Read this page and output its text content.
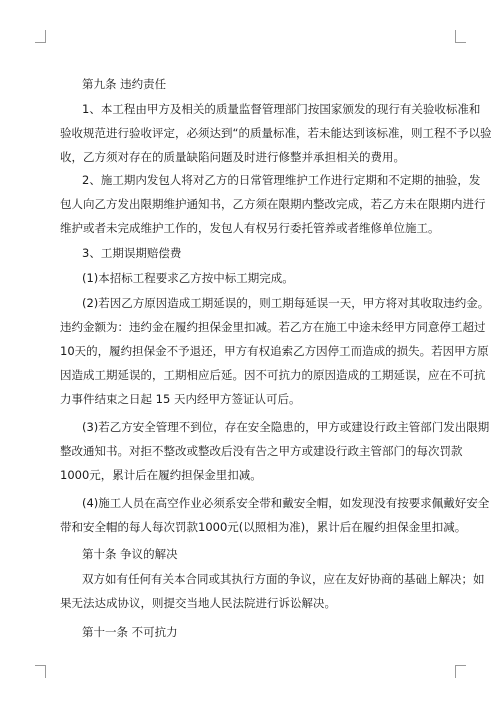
第九条 违约责任
1、本工程由甲方及相关的质量监督管理部门按国家颁发的现行有关验收标准和
验收规范进行验收评定，必须达到“的质量标准，若未能达到该标准，则工程不予以验
收，乙方须对存在的质量缺陷问题及时进行修整并承担相关的费用。
2、施工期内发包人将对乙方的日常管理维护工作进行定期和不定期的抽验，发
包人向乙方发出限期维护通知书，乙方须在限期内整改完成，若乙方未在限期内进行
维护或者未完成维护工作的，发包人有权另行委托管养或者维修单位施工。
3、工期误期赔偿费
(1)本招标工程要求乙方按中标工期完成。
(2)若因乙方原因造成工期延误的，则工期每延误一天，甲方将对其收取违约金。
违约金额为：违约金在履约担保金里扣减。若乙方在施工中途未经甲方同意停工超过
10天的，履约担保金不予退还，甲方有权追索乙方因停工而造成的损失。若因甲方原
因造成工期延误的，工期相应后延。因不可抗力的原因造成的工期延误，应在不可抗
力事件结束之日起 15 天内经甲方签证认可后。
(3)若乙方安全管理不到位，存在安全隐患的，甲方或建设行政主管部门发出限期
整改通知书。对拒不整改或整改后没有告之甲方或建设行政主管部门的每次罚款
1000元，累计后在履约担保金里扣减。
(4)施工人员在高空作业必须系安全带和戴安全帽，如发现没有按要求佩戴好安全
带和安全帽的每人每次罚款1000元(以照相为准)，累计后在履约担保金里扣减。
第十条 争议的解决
双方如有任何有关本合同或其执行方面的争议，应在友好协商的基础上解决；如
果无法达成协议，则提交当地人民法院进行诉讼解决。
第十一条 不可抗力
